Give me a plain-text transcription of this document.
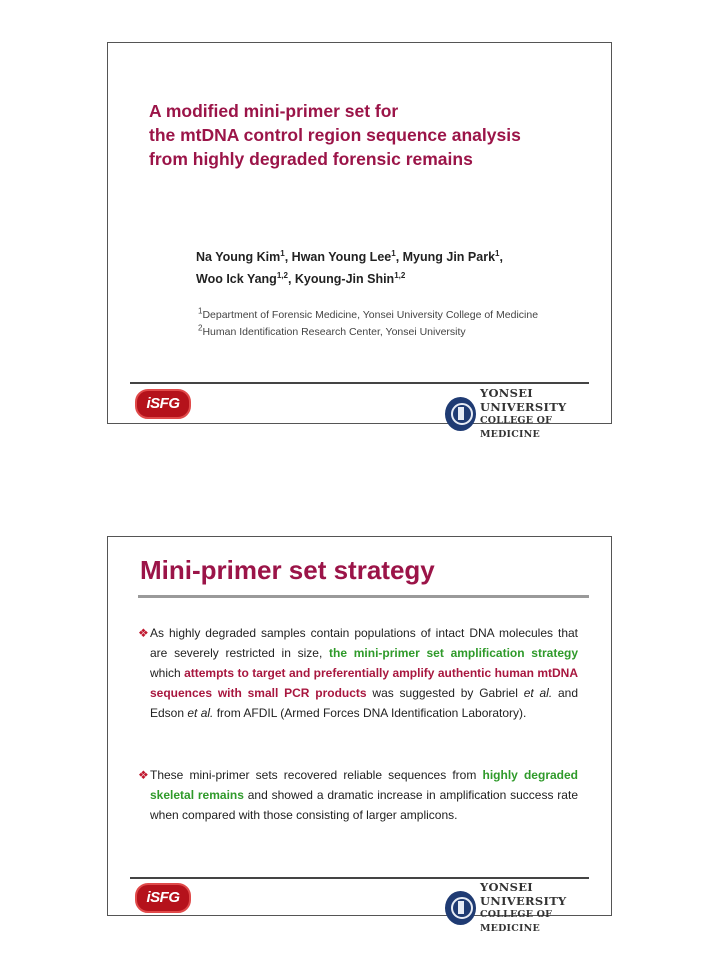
A modified mini-primer set for
the mtDNA control region sequence analysis
from highly degraded forensic remains
Na Young Kim$^1$, Hwan Young Lee$^1$, Myung Jin Park$^1$,
Woo Ick Yang$^{1,2}$, Kyoung-Jin Shin$^{1,2}$
$^1$Department of Forensic Medicine, Yonsei University College of Medicine
$^2$Human Identification Research Center, Yonsei University
iSFG
YONSEI UNIVERSITY
COLLEGE OF MEDICINE
Mini-primer set strategy
❖ As highly degraded samples contain populations of intact DNA molecules that are severely restricted in size, the mini-primer set amplification strategy which attempts to target and preferentially amplify authentic human mtDNA sequences with small PCR products was suggested by Gabriel et al. and Edson et al. from AFDIL (Armed Forces DNA Identification Laboratory).
❖ These mini-primer sets recovered reliable sequences from highly degraded skeletal remains and showed a dramatic increase in amplification success rate when compared with those consisting of larger amplicons.
iSFG
YONSEI UNIVERSITY
COLLEGE OF MEDICINE
